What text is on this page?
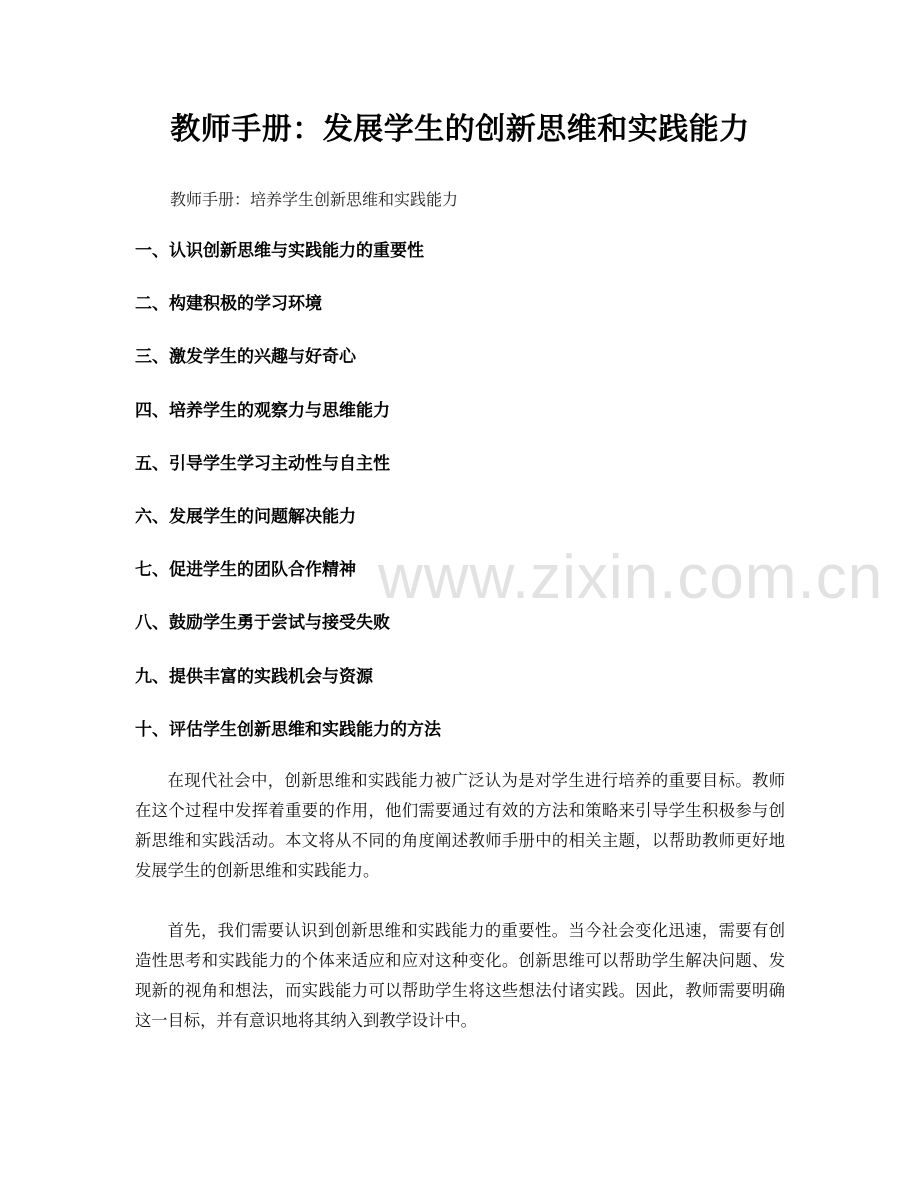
www.zixin.com.cn
教师手册：发展学生的创新思维和实践能力

教师手册：培养学生创新思维和实践能力

一、认识创新思维与实践能力的重要性
二、构建积极的学习环境
三、激发学生的兴趣与好奇心
四、培养学生的观察力与思维能力
五、引导学生学习主动性与自主性
六、发展学生的问题解决能力
七、促进学生的团队合作精神
八、鼓励学生勇于尝试与接受失败
九、提供丰富的实践机会与资源
十、评估学生创新思维和实践能力的方法

在现代社会中，创新思维和实践能力被广泛认为是对学生进行培养的重要目标。教师在这个过程中发挥着重要的作用，他们需要通过有效的方法和策略来引导学生积极参与创新思维和实践活动。本文将从不同的角度阐述教师手册中的相关主题，以帮助教师更好地发展学生的创新思维和实践能力。

首先，我们需要认识到创新思维和实践能力的重要性。当今社会变化迅速，需要有创造性思考和实践能力的个体来适应和应对这种变化。创新思维可以帮助学生解决问题、发现新的视角和想法，而实践能力可以帮助学生将这些想法付诸实践。因此，教师需要明确这一目标，并有意识地将其纳入到教学设计中。
